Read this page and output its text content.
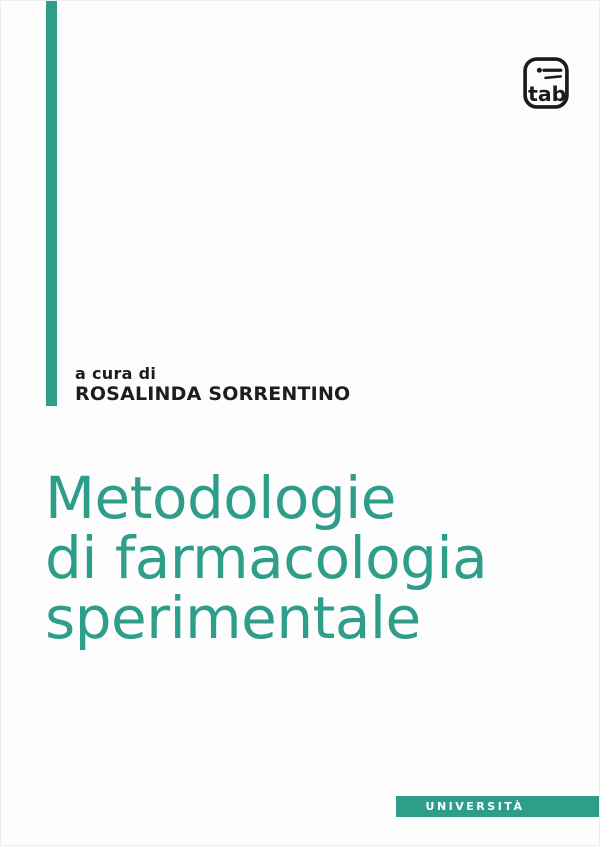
tab
a cura di
ROSALINDA SORRENTINO
Metodologie
di farmacologia
sperimentale
UNIVERSITÀ
